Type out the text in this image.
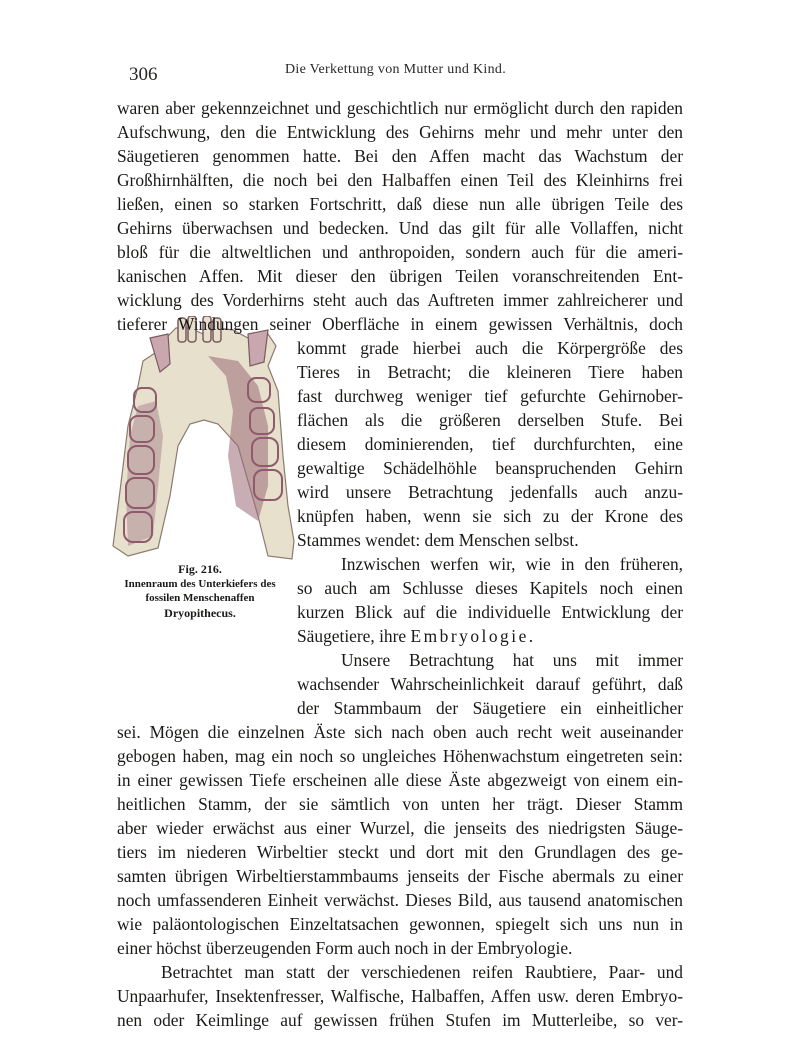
306	Die Verkettung von Mutter und Kind.
Fig. 216.
Innenraum des Unterkiefers des
fossilen Menschenaffen
Dryopithecus.
waren aber gekennzeichnet und geschichtlich nur ermöglicht durch den rapiden
Aufschwung, den die Entwicklung des Gehirns mehr und mehr unter den
Säugetieren genommen hatte. Bei den Affen macht das Wachstum der
Großhirnhälften, die noch bei den Halbaffen einen Teil des Kleinhirns frei
ließen, einen so starken Fortschritt, daß diese nun alle übrigen Teile des
Gehirns überwachsen und bedecken. Und das gilt für alle Vollaffen, nicht
bloß für die altweltlichen und anthropoiden, sondern auch für die ameri-
kanischen Affen. Mit dieser den übrigen Teilen voranschreitenden Ent-
wicklung des Vorderhirns steht auch das Auftreten immer zahlreicherer und
tieferer Windungen seiner Oberfläche in einem gewissen Verhältnis, doch
kommt grade hierbei auch die Körpergröße des
Tieres in Betracht; die kleineren Tiere haben
fast durchweg weniger tief gefurchte Gehirnober-
flächen als die größeren derselben Stufe. Bei
diesem dominierenden, tief durchfurchten, eine
gewaltige Schädelhöhle beanspruchenden Gehirn
wird unsere Betrachtung jedenfalls auch anzu-
knüpfen haben, wenn sie sich zu der Krone des
Stammes wendet: dem Menschen selbst.
Inzwischen werfen wir, wie in den früheren,
so auch am Schlusse dieses Kapitels noch einen
kurzen Blick auf die individuelle Entwicklung der
Säugetiere, ihre Embryologie.
Unsere Betrachtung hat uns mit immer
wachsender Wahrscheinlichkeit darauf geführt, daß
der Stammbaum der Säugetiere ein einheitlicher
sei. Mögen die einzelnen Äste sich nach oben auch recht weit auseinander
gebogen haben, mag ein noch so ungleiches Höhenwachstum eingetreten sein:
in einer gewissen Tiefe erscheinen alle diese Äste abgezweigt von einem ein-
heitlichen Stamm, der sie sämtlich von unten her trägt. Dieser Stamm
aber wieder erwächst aus einer Wurzel, die jenseits des niedrigsten Säuge-
tiers im niederen Wirbeltier steckt und dort mit den Grundlagen des ge-
samten übrigen Wirbeltierstammbaums jenseits der Fische abermals zu einer
noch umfassenderen Einheit verwächst. Dieses Bild, aus tausend anatomischen
wie paläontologischen Einzeltatsachen gewonnen, spiegelt sich uns nun in
einer höchst überzeugenden Form auch noch in der Embryologie.
Betrachtet man statt der verschiedenen reifen Raubtiere, Paar- und
Unpaarhufer, Insektenfresser, Walfische, Halbaffen, Affen usw. deren Embryo-
nen oder Keimlinge auf gewissen frühen Stufen im Mutterleibe, so ver-
